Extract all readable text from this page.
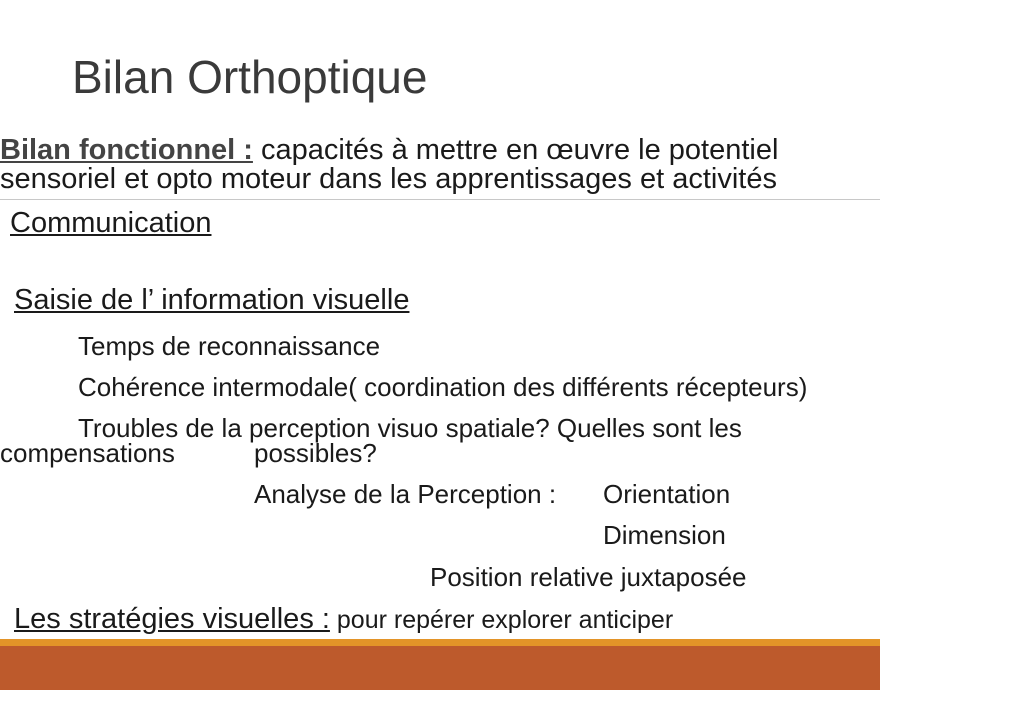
Bilan Orthoptique
Bilan fonctionnel : capacités à mettre en œuvre le potentiel
sensoriel et opto moteur dans les apprentissages et activités
Communication
Saisie de l’ information visuelle
Temps de reconnaissance
Cohérence intermodale( coordination des différents récepteurs)
Troubles de la perception visuo spatiale? Quelles sont les
compensations	possibles?
Analyse de la Perception : Orientation
Dimension
Position relative juxtaposée
Les stratégies visuelles : pour repérer explorer anticiper
